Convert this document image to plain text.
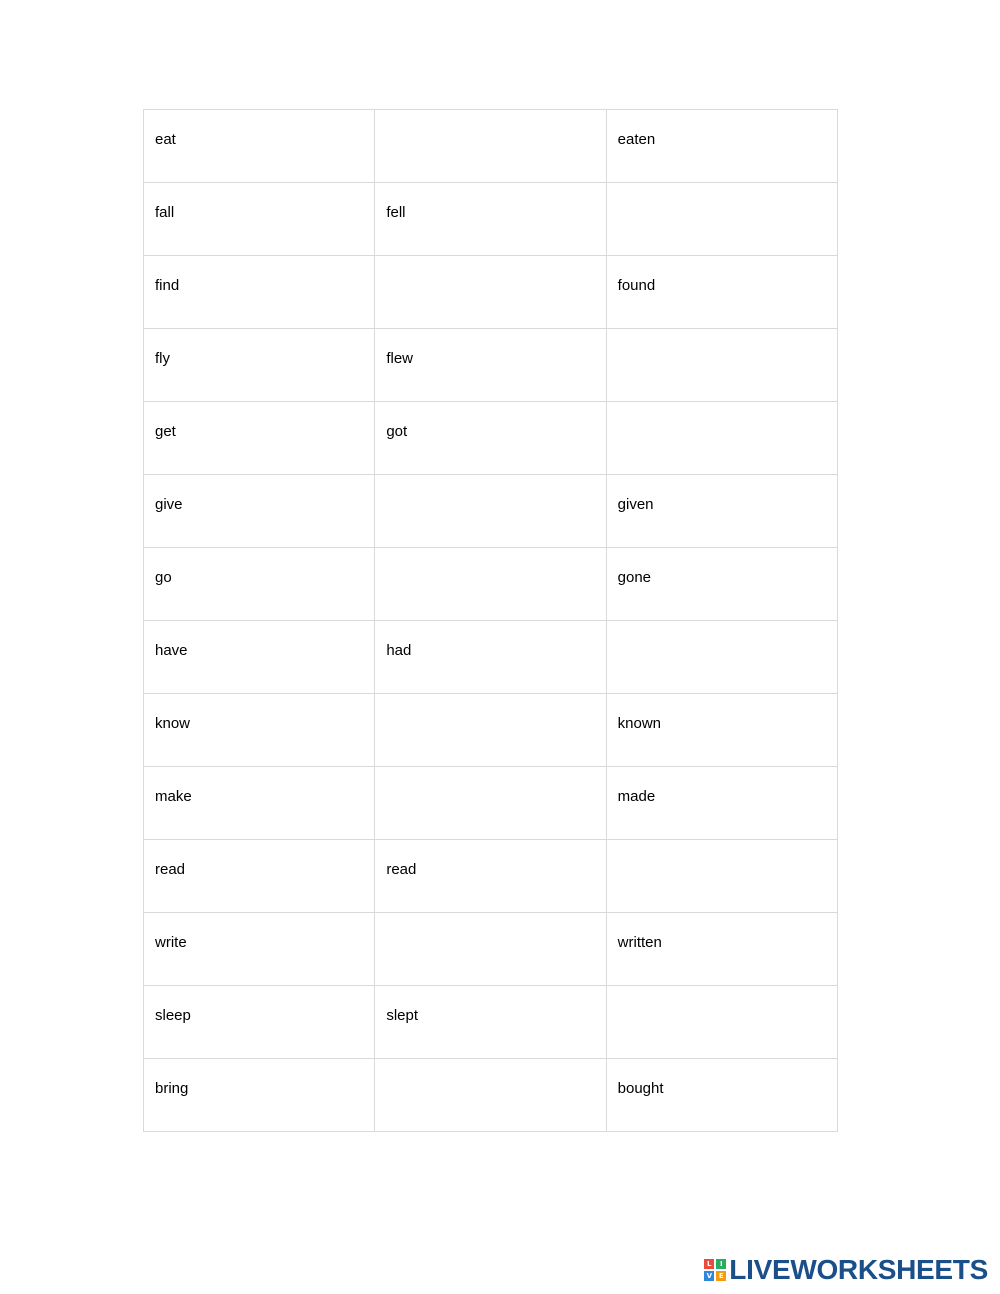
eat		eaten

fall	fell	

find		found

fly	flew	

get	got	

give		given

go		gone

have	had	

know		known

make		made

read	read	

write		written

sleep	slept	

bring		bought
L	I
V E LIVEWORKSHEETS
